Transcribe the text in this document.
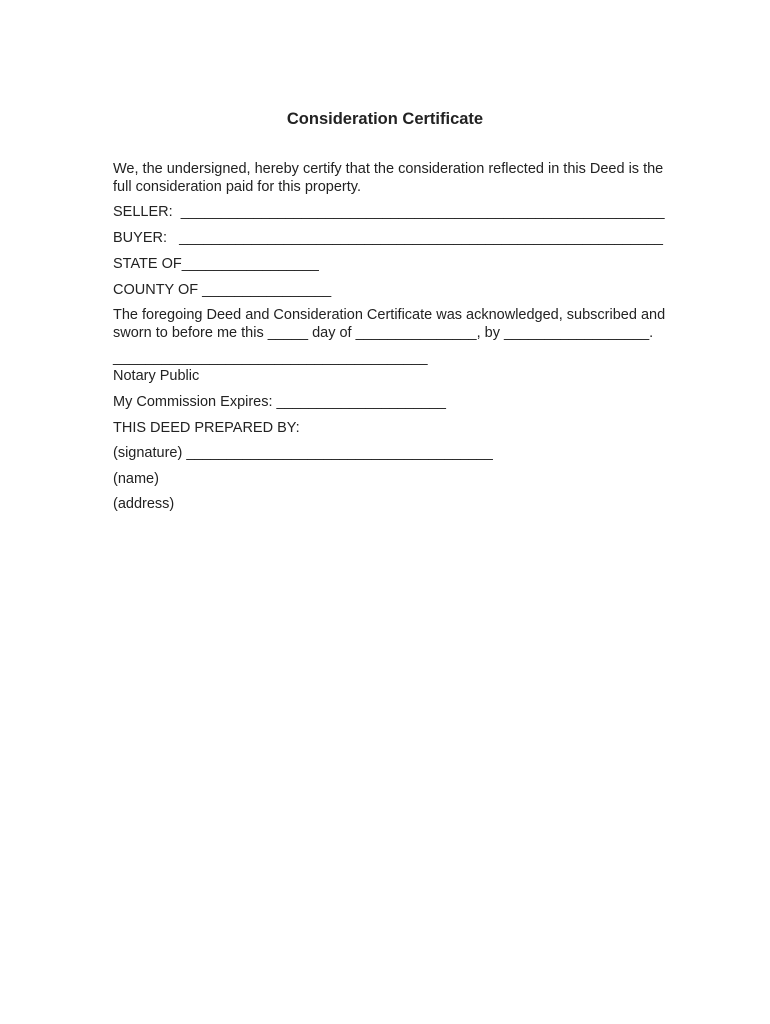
Consideration Certificate
We, the undersigned, hereby certify that the consideration reflected in this Deed is the
full consideration paid for this property.
SELLER:  ____________________________________________________________
BUYER:   ____________________________________________________________
STATE OF_________________
COUNTY OF ________________
The foregoing Deed and Consideration Certificate was acknowledged, subscribed and
sworn to before me this _____ day of _______________, by __________________.
_______________________________________
Notary Public
My Commission Expires: _____________________
THIS DEED PREPARED BY:
(signature) ______________________________________
(name)
(address)
